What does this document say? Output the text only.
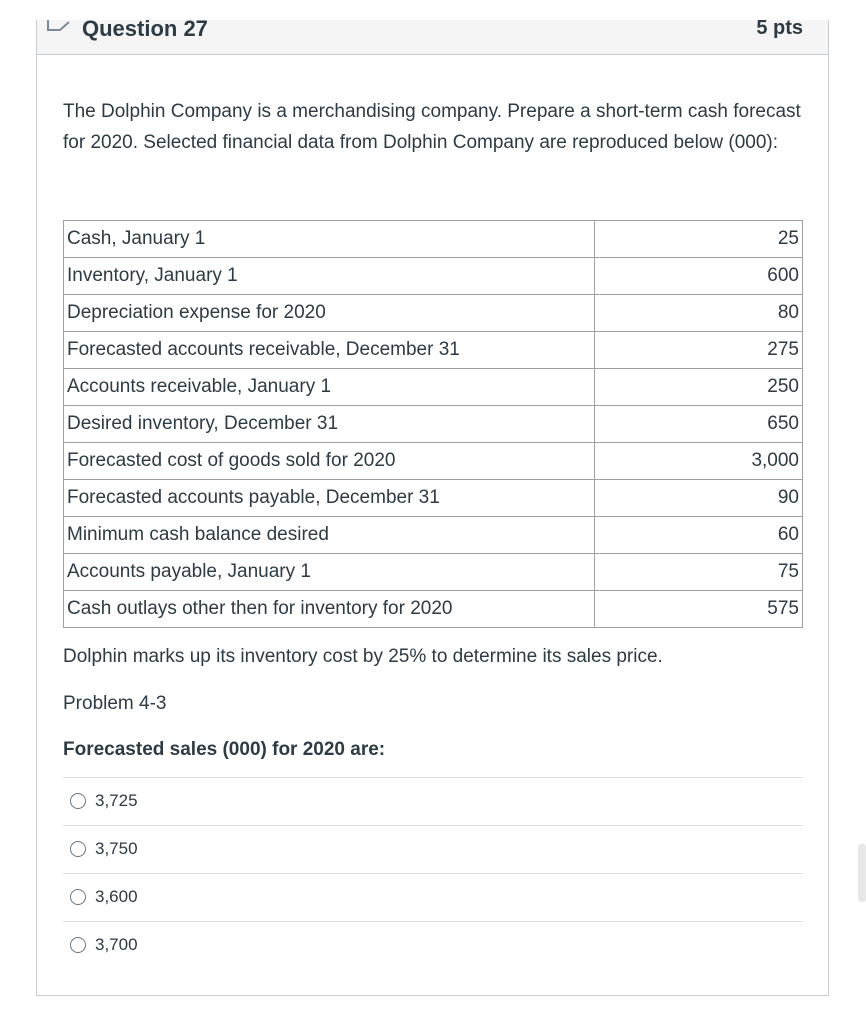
Question 27	5 pts

The Dolphin Company is a merchandising company. Prepare a short-term cash forecast for 2020. Selected financial data from Dolphin Company are reproduced below (000):

Cash, January 1	25
Inventory, January 1	600
Depreciation expense for 2020	80
Forecasted accounts receivable, December 31	275
Accounts receivable, January 1	250
Desired inventory, December 31	650
Forecasted cost of goods sold for 2020	3,000
Forecasted accounts payable, December 31	90
Minimum cash balance desired	60
Accounts payable, January 1	75
Cash outlays other then for inventory for 2020	575
Dolphin marks up its inventory cost by 25% to determine its sales price.
Problem 4-3
Forecasted sales (000) for 2020 are:
3,725
3,750
3,600
3,700
